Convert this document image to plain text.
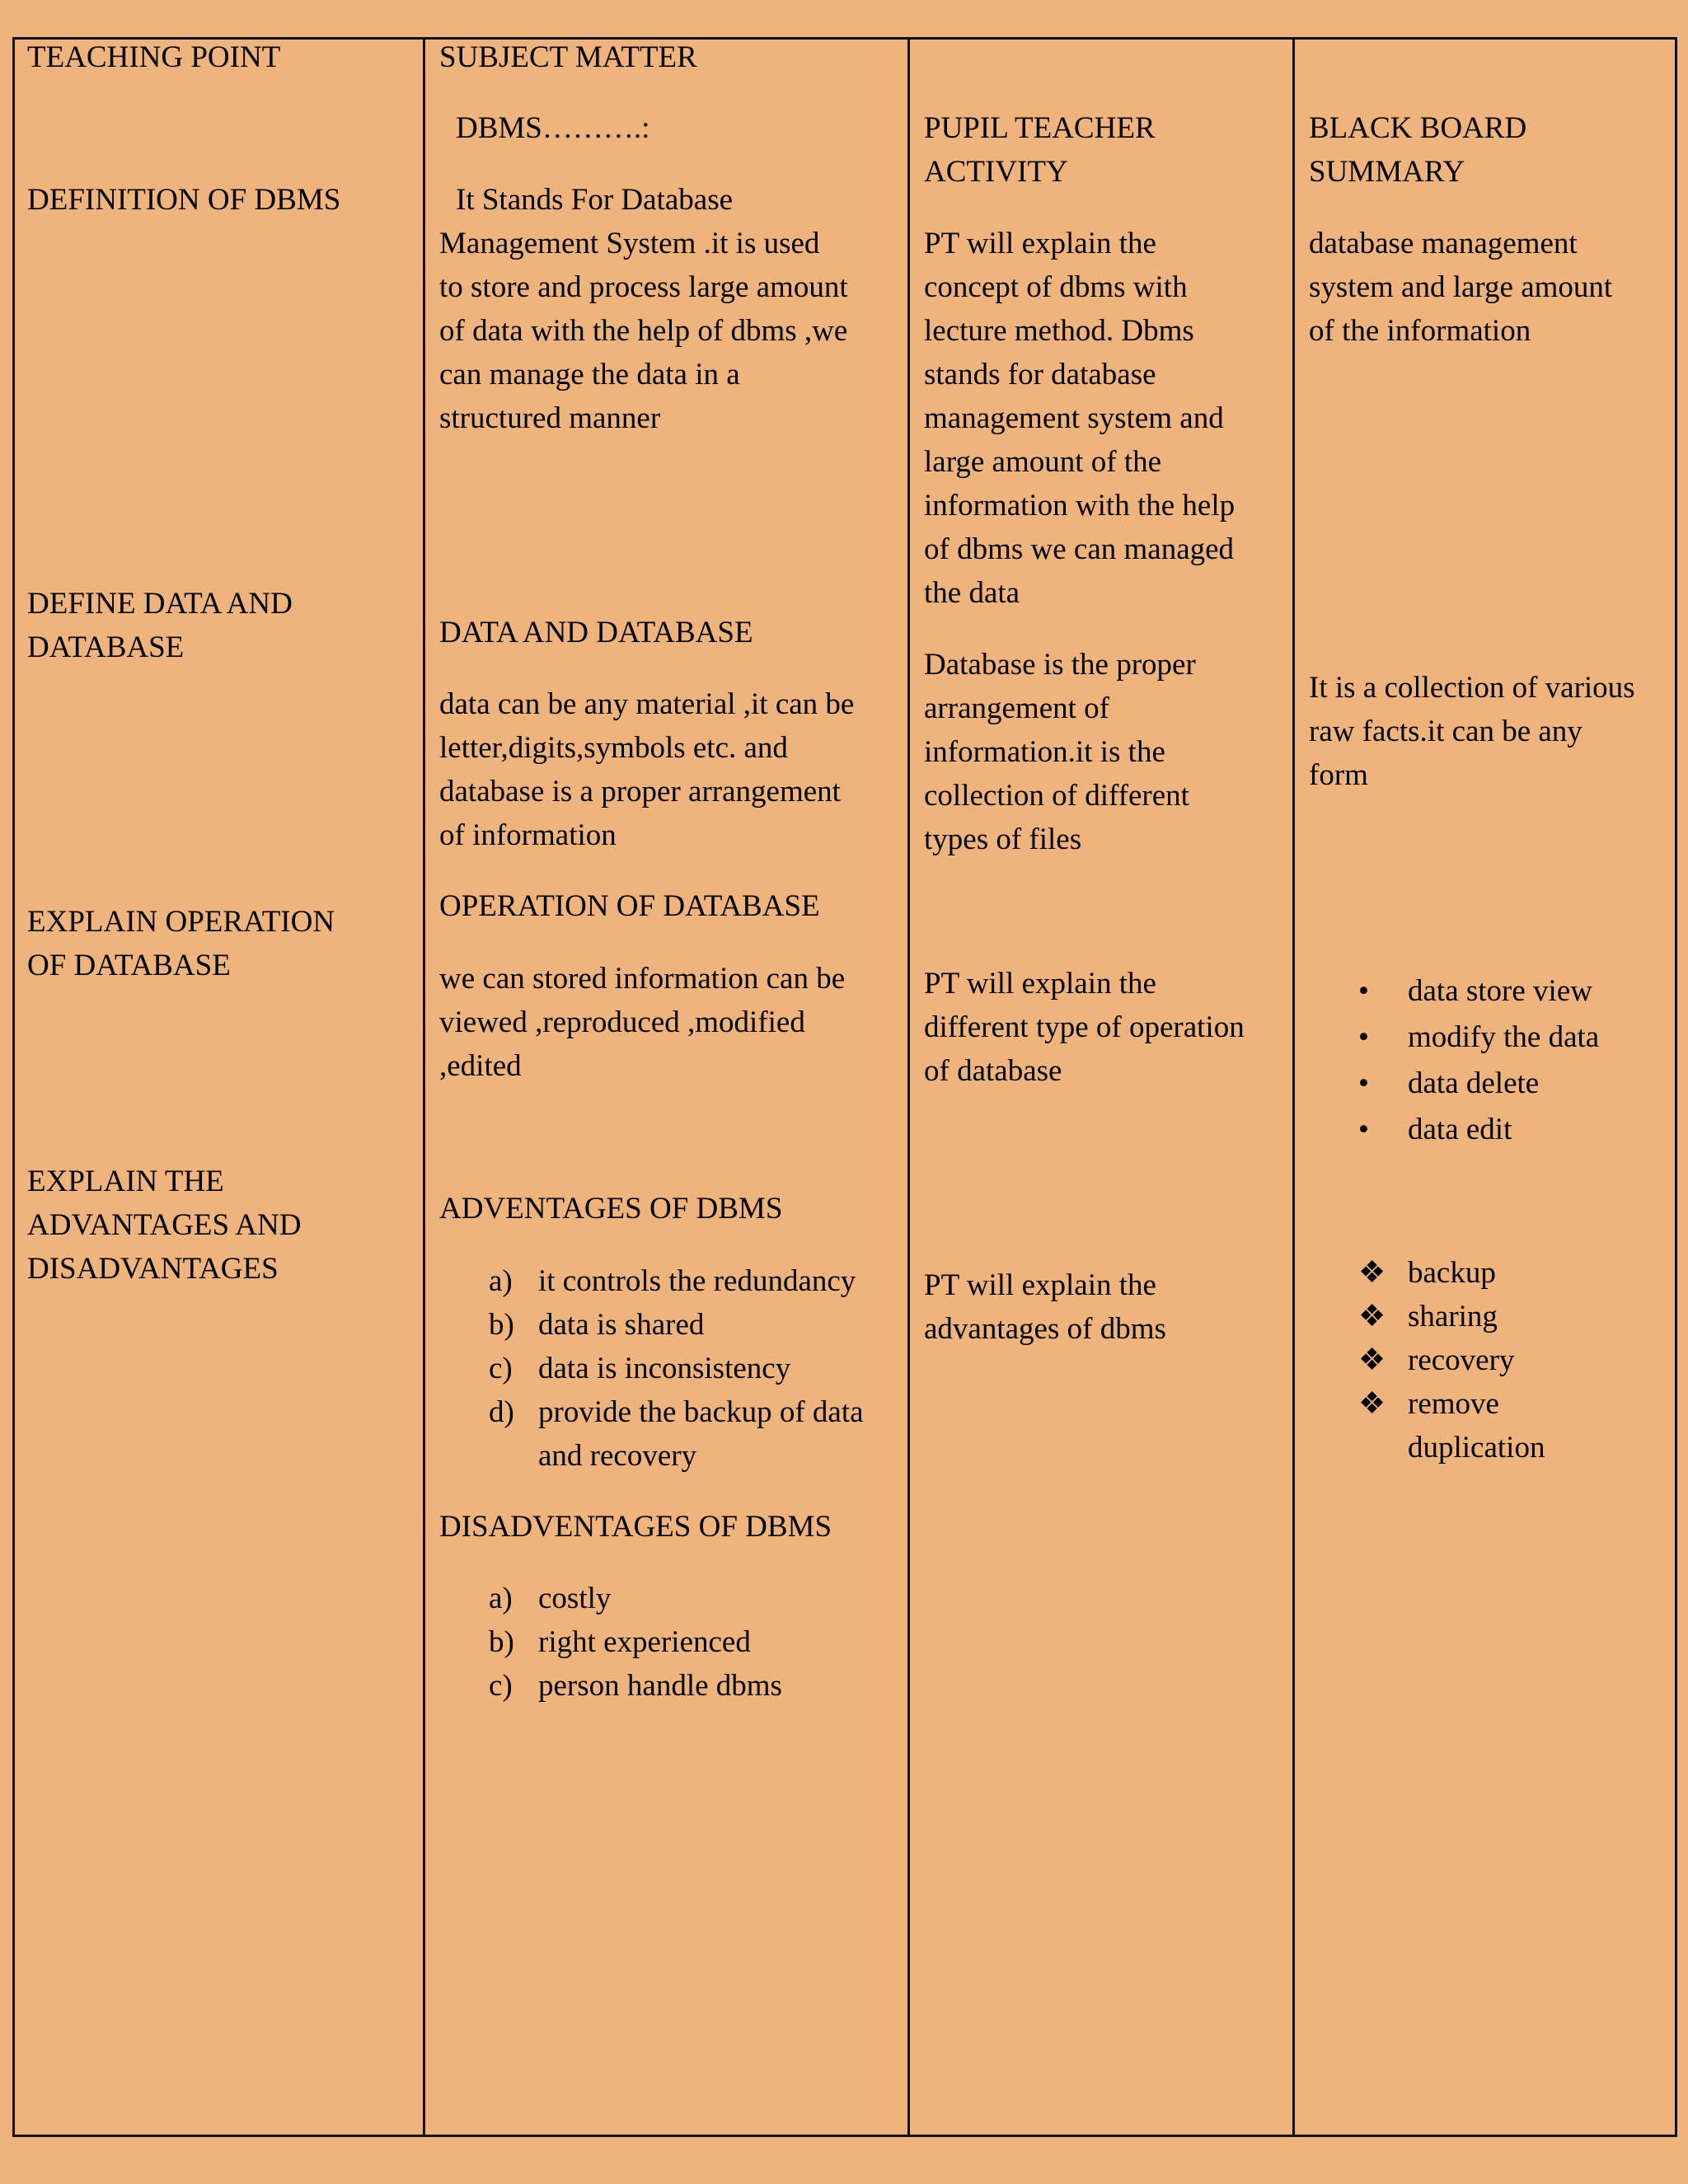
TEACHING POINT
DEFINITION OF DBMS
DEFINE DATA AND
DATABASE
EXPLAIN OPERATION
OF DATABASE
EXPLAIN THE
ADVANTAGES AND
DISADVANTAGES
SUBJECT MATTER
DBMS……….:
It Stands For Database
Management System .it is used
to store and process large amount
of data with the help of dbms ,we
can manage the data in a
structured manner
DATA AND DATABASE
data can be any material ,it can be
letter,digits,symbols etc. and
database is a proper arrangement
of information
OPERATION OF DATABASE
we can stored information can be
viewed ,reproduced ,modified
,edited
ADVENTAGES OF DBMS
a) it controls the redundancy
b) data is shared
c) data is inconsistency
d) provide the backup of data
and recovery
DISADVENTAGES OF DBMS
a) costly
b) right experienced
c) person handle dbms
PUPIL TEACHER
ACTIVITY
PT will explain the
concept of dbms with
lecture method. Dbms
stands for database
management system and
large amount of the
information with the help
of dbms we can managed
the data
Database is the proper
arrangement of
information.it is the
collection of different
types of files
PT will explain the
different type of operation
of database
PT will explain the
advantages of dbms
BLACK BOARD
SUMMARY
database management
system and large amount
of the information
It is a collection of various
raw facts.it can be any
form
• data store view
• modify the data
• data delete
• data edit
❖ backup
❖ sharing
❖ recovery
❖ remove duplication
